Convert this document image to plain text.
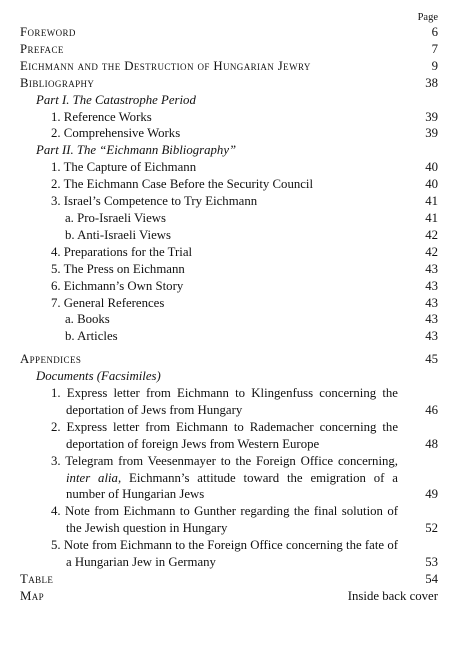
Page
Foreword	6
Preface	7
Eichmann and the Destruction of Hungarian Jewry	9
Bibliography	38
Part I. The Catastrophe Period
1. Reference Works	39
2. Comprehensive Works	39
Part II. The “Eichmann Bibliography”
1. The Capture of Eichmann	40
2. The Eichmann Case Before the Security Council	40
3. Israel’s Competence to Try Eichmann	41
a. Pro-Israeli Views	41
b. Anti-Israeli Views	42
4. Preparations for the Trial	42
5. The Press on Eichmann	43
6. Eichmann’s Own Story	43
7. General References	43
a. Books	43
b. Articles	43
Appendices	45
Documents (Facsimiles)
1. Express letter from Eichmann to Klingenfuss concerning the deportation of Jews from Hungary	46
2. Express letter from Eichmann to Rademacher concerning the deportation of foreign Jews from Western Europe	48
3. Telegram from Veesenmayer to the Foreign Office concerning, inter alia, Eichmann’s attitude toward the emigration of a number of Hungarian Jews	49
4. Note from Eichmann to Gunther regarding the final solution of the Jewish question in Hungary	52
5. Note from Eichmann to the Foreign Office concerning the fate of a Hungarian Jew in Germany	53
Table	54
Map	Inside back cover
